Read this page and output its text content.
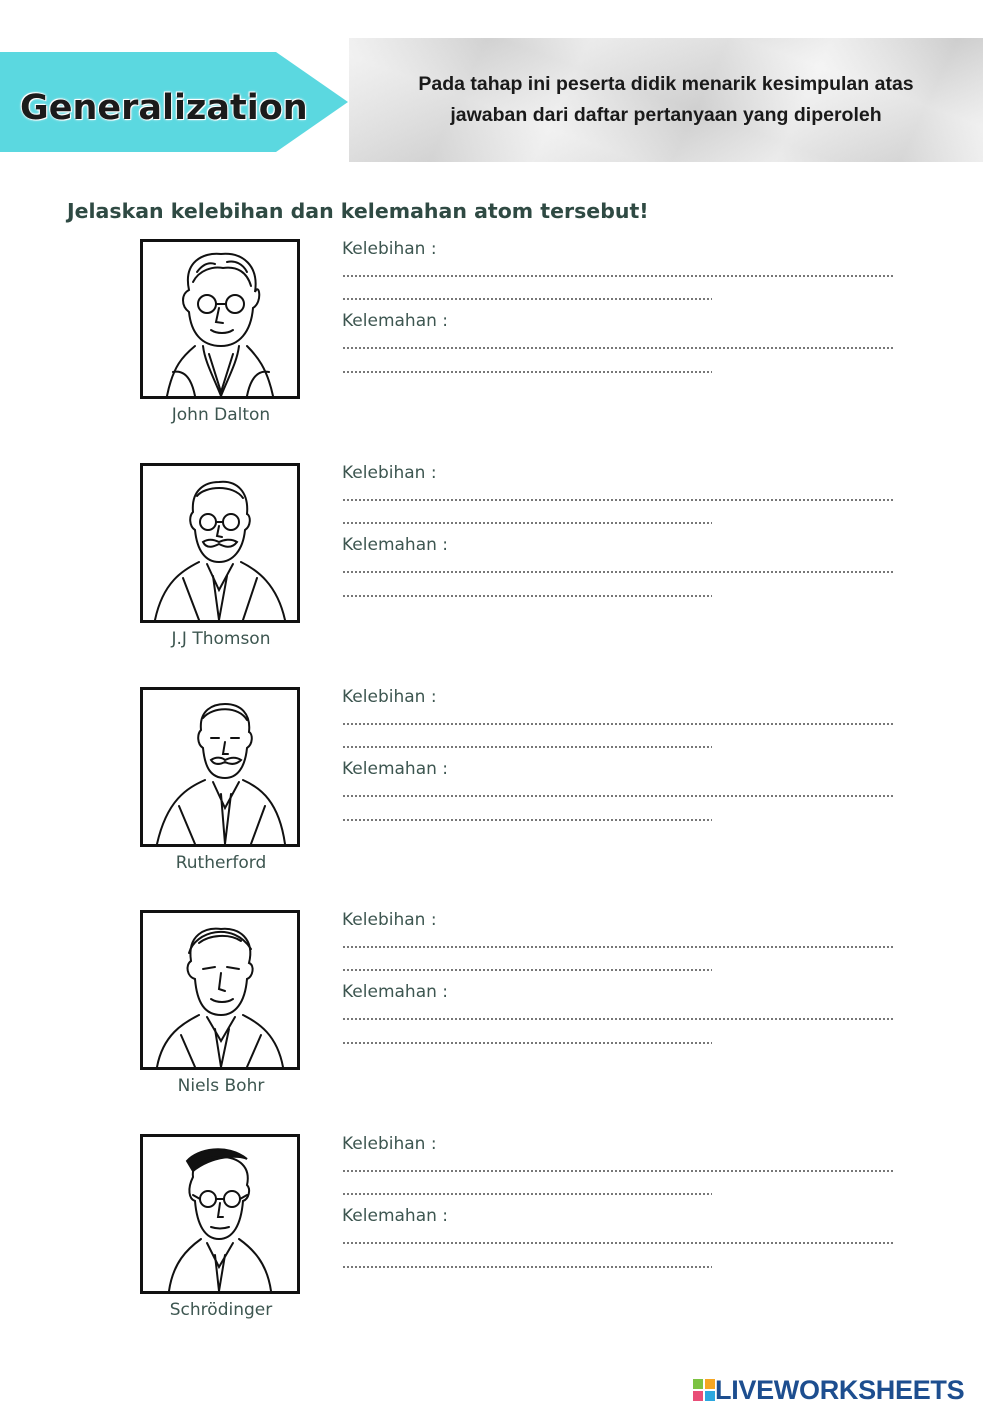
Generalization
Pada tahap ini peserta didik menarik kesimpulan atas
jawaban dari daftar pertanyaan yang diperoleh
Jelaskan kelebihan dan kelemahan atom tersebut!
John Dalton
Kelebihan :
Kelemahan :
J.J Thomson
Kelebihan :
Kelemahan :
Rutherford
Kelebihan :
Kelemahan :
Niels Bohr
Kelebihan :
Kelemahan :
Schrödinger
Kelebihan :
Kelemahan :
LIVEWORKSHEETS
